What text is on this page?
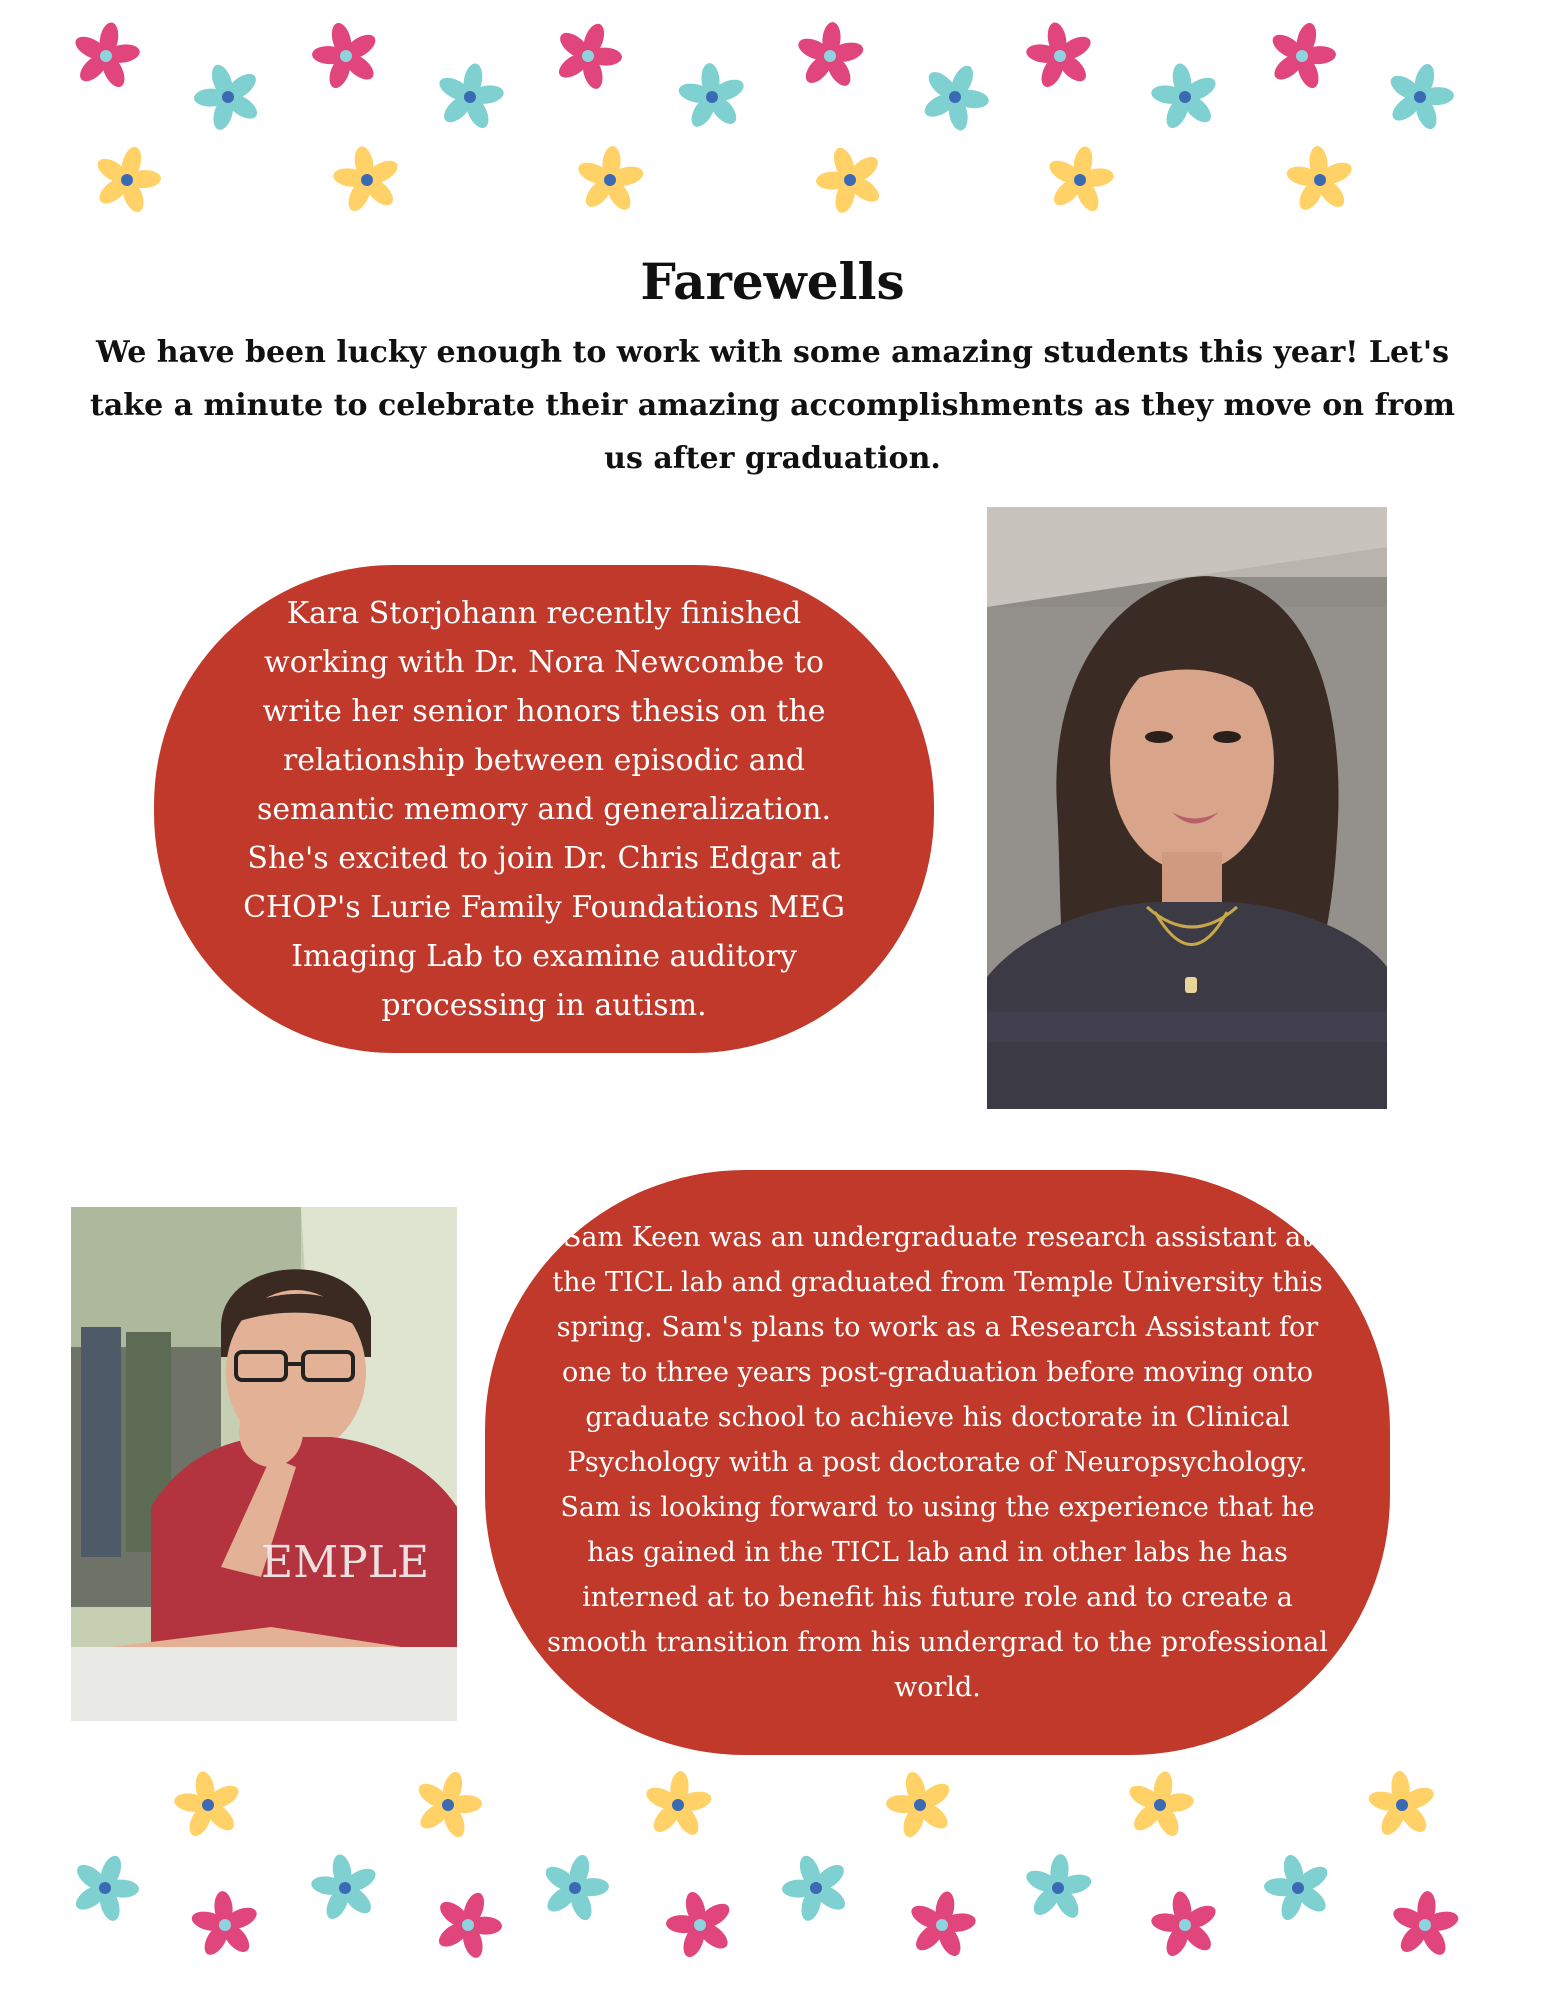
Farewells

We have been lucky enough to work with some amazing students this year! Let's take a minute to celebrate their amazing accomplishments as they move on from us after graduation.

Kara Storjohann recently finished working with Dr. Nora Newcombe to write her senior honors thesis on the relationship between episodic and semantic memory and generalization. She's excited to join Dr. Chris Edgar at CHOP's Lurie Family Foundations MEG Imaging Lab to examine auditory processing in autism.
EMPLE
Sam Keen was an undergraduate research assistant at the TICL lab and graduated from Temple University this spring. Sam's plans to work as a Research Assistant for one to three years post-graduation before moving onto graduate school to achieve his doctorate in Clinical Psychology with a post doctorate of Neuropsychology. Sam is looking forward to using the experience that he has gained in the TICL lab and in other labs he has interned at to benefit his future role and to create a smooth transition from his undergrad to the professional world.
